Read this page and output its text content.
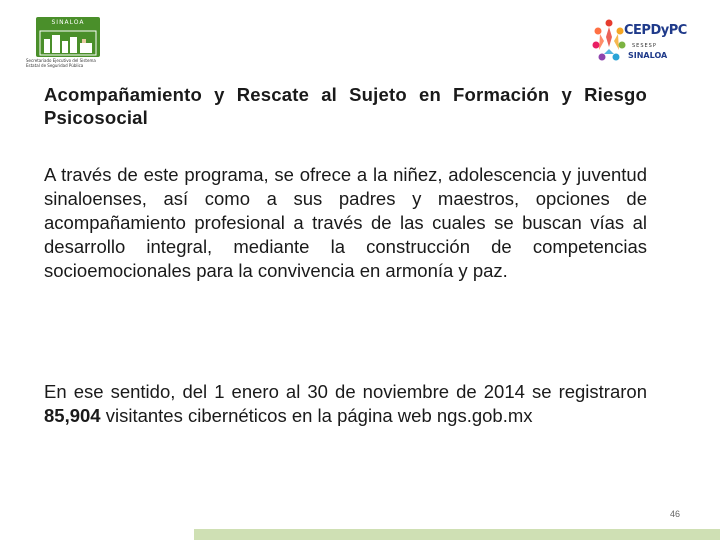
SINALOA
Secretariado Ejecutivo del Sistema
Estatal de Seguridad Pública
CEPDyPC
SESESP
SINALOA
Acompañamiento y Rescate al Sujeto en Formación y Riesgo Psicosocial

A través de este programa, se ofrece a la niñez, adolescencia y juventud sinaloenses, así como a sus padres y maestros, opciones de acompañamiento profesional a través de las cuales se buscan vías al desarrollo integral, mediante la construcción de competencias socioemocionales para la convivencia en armonía y paz.

En ese sentido, del 1 enero al 30 de noviembre de 2014 se registraron 85,904 visitantes cibernéticos en la página web ngs.gob.mx

46
